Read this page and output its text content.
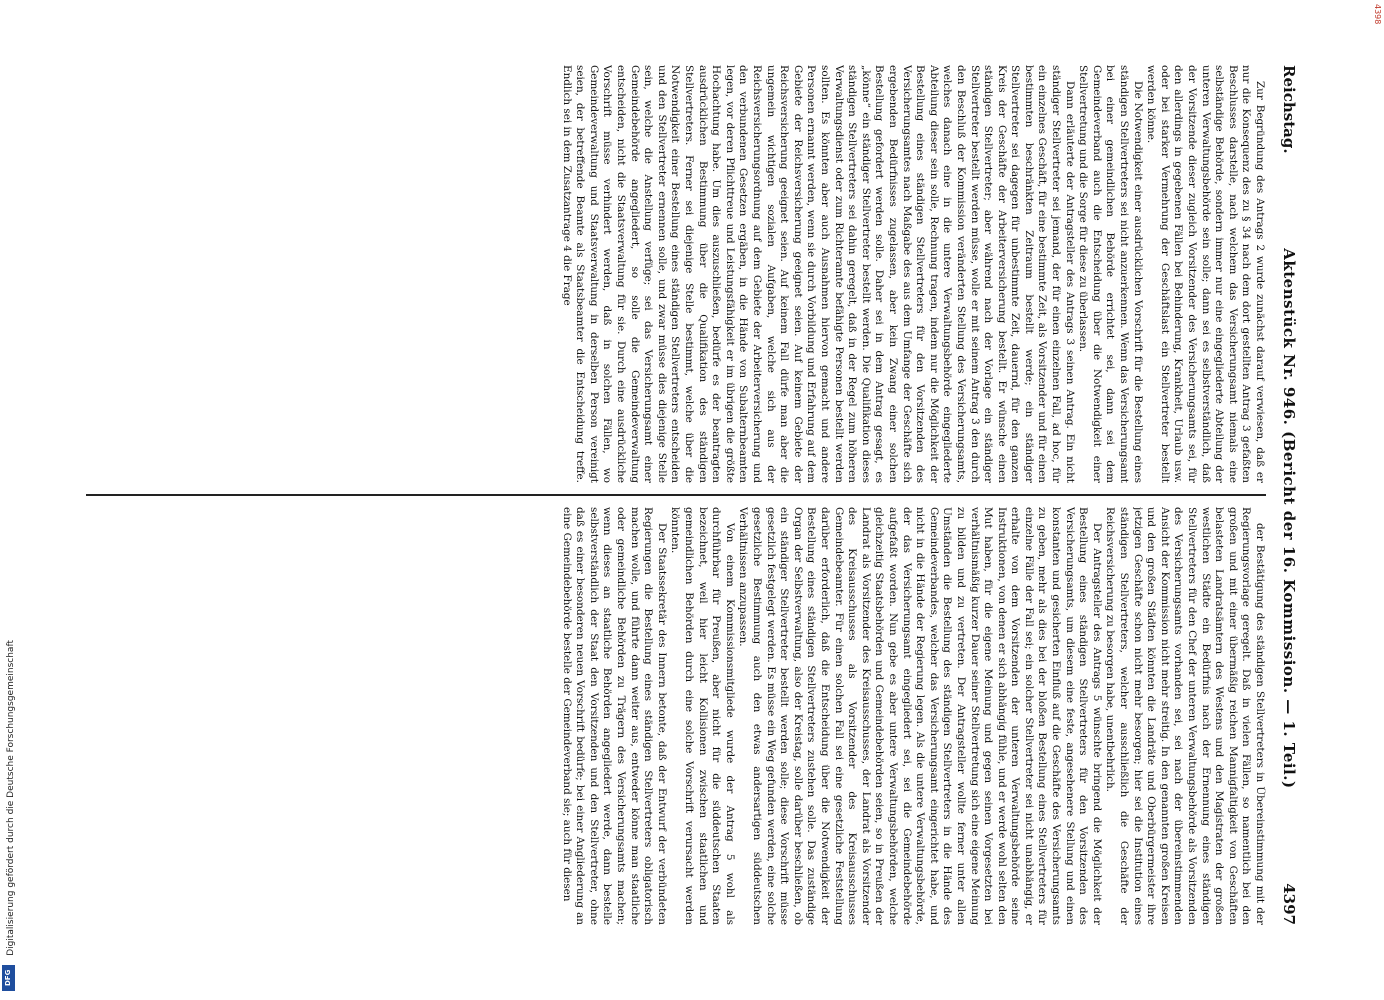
4398
Digitalisierung gefördert durch die Deutsche Forschungsgemeinschaft
DFG
Reichstag.
Aktenstück Nr. 946. (Bericht der 16. Kommission. — 1. Teil.)
4397

Zur Begründung des Antrags 2 wurde zunächst darauf verwiesen, daß er nur die Konsequenz des zu § 34 nach dem dort gestellten Antrag 3 gefaßten Beschlusses darstelle, nach welchem das Versicherungsamt niemals eine selbständige Behörde, sondern immer nur eine eingegliederte Abteilung der unteren Verwaltungsbehörde sein solle; dann sei es selbstverständlich, daß der Vorsitzende dieser zugleich Vorsitzender des Versicherungsamts sei, für den allerdings in gegebenen Fällen bei Behinderung, Krankheit, Urlaub usw. oder bei starker Vermehrung der Geschäftslast ein Stellvertreter bestellt werden könne.

Die Notwendigkeit einer ausdrücklichen Vorschrift für die Bestellung eines ständigen Stellvertreters sei nicht anzuerkennen. Wenn das Versicherungsamt bei einer gemeindlichen Behörde errichtet sei, dann sei dem Gemeindeverband auch die Entscheidung über die Notwendigkeit einer Stellvertretung und die Sorge für diese zu überlassen.

Dann erläuterte der Antragsteller des Antrags 3 seinen Antrag. Ein nicht ständiger Stellvertreter sei jemand, der für einen einzelnen Fall, ad hoc, für ein einzelnes Geschäft, für eine bestimmte Zeit, als Vorsitzender und für einen bestimmten beschränkten Zeitraum bestellt werde; ein ständiger Stellvertreter sei dagegen für unbestimmte Zeit, dauernd, für den ganzen Kreis der Geschäfte der Arbeiterversicherung bestellt. Er wünsche einen ständigen Stellvertreter; aber während nach der Vorlage ein ständiger Stellvertreter bestellt werden müsse, wolle er mit seinem Antrag 3 den durch den Beschluß der Kommission veränderten Stellung des Versicherungsamts, welches danach eine in die untere Verwaltungsbehörde eingegliederte Abteilung dieser sein solle, Rechnung tragen, indem nur die Möglichkeit der Bestellung eines ständigen Stellvertreters für den Vorsitzenden des Versicherungsamtes nach Maßgabe des aus dem Umfange der Geschäfte sich ergebenden Bedürfnisses zugelassen, aber kein Zwang einer solchen Bestellung gefordert werden solle. Daher sei in dem Antrag gesagt, es „könne“ ein ständiger Stellvertreter bestellt werden. Die Qualifikation dieses ständigen Stellvertreters sei dahin geregelt, daß in der Regel zum höheren Verwaltungsdienst oder zum Richteramte befähigte Personen bestellt werden sollten. Es könnten aber auch Ausnahmen hiervon gemacht und andere Personen ernannt werden, wenn sie durch Vorbildung und Erfahrung auf dem Gebiete der Reichsversicherung geeignet seien. Auf keinem Gebiete der Reichsversicherung geeignet seien. Auf keinem Fall dürfe man aber die ungemein wichtigen sozialen Aufgaben, welche sich aus der Reichsversicherungsordnung auf dem Gebiete der Arbeiterversicherung und den verbundenen Gesetzen ergäben, in die Hände von Subalternbeamten legen, vor deren Pflichttreue und Leistungsfähigkeit er im übrigen die größte Hochachtung habe. Um dies auszuschließen, bedürfe es der beantragten ausdrücklichen Bestimmung über die Qualifikation des ständigen Stellvertreters. Ferner sei diejenige Stelle bestimmt, welche über die Notwendigkeit einer Bestellung eines ständigen Stellvertreters entscheiden und den Stellvertreter ernennen solle, und zwar müsse dies diejenige Stelle sein, welche die Anstellung verfüge; sei das Versicherungsamt einer Gemeindebehörde angegliedert, so solle die Gemeindeverwaltung entscheiden, nicht die Staatsverwaltung für sie. Durch eine ausdrückliche Vorschrift müsse verhindert werden, daß in solchen Fällen, wo Gemeindeverwaltung und Staatsverwaltung in derselben Person vereinigt seien, der betreffende Beamte als Staatsbeamter die Entscheidung treffe. Endlich sei in dem Zusatzantrage 4 die Frage

der Bestätigung des ständigen Stellvertreters in Übereinstimmung mit der Regierungsvorlage geregelt. Daß in vielen Fällen, so namentlich bei den großen und mit einer übermäßig reichen Mannigfaltigkeit von Geschäften belasteten Landratsämtern des Westens und den Magistraten der großen westlichen Städte ein Bedürfnis nach der Ernennung eines ständigen Stellvertreters für den Chef der unteren Verwaltungsbehörde als Vorsitzenden des Versicherungsamts vorhanden sei, sei nach der übereinstimmenden Ansicht der Kommission nicht mehr streitig. In den genannten großen Kreisen und den großen Städten könnten die Landräte und Oberbürgermeister ihre jetzigen Geschäfte schon nicht mehr besorgen; hier sei die Institution eines ständigen Stellvertreters, welcher ausschließlich die Geschäfte der Reichsversicherung zu besorgen habe, unentbehrlich.

Der Antragsteller des Antrags 5 wünschte bringend die Möglichkeit der Bestellung eines ständigen Stellvertreters für den Vorsitzenden des Versicherungsamts, um diesem eine feste, angesehenere Stellung und einen konstanten und gesicherten Einfluß auf die Geschäfte des Versicherungsamts zu geben, mehr als dies bei der bloßen Bestellung eines Stellvertreters für einzelne Fälle der Fall sei; ein solcher Stellvertreter sei nicht unabhängig, er erhalte von dem Vorsitzenden der unteren Verwaltungsbehörde seine Instruktionen, von denen er sich abhängig fühle, und er werde wohl selten den Mut haben, für die eigene Meinung und gegen seinen Vorgesetzten bei verhältnismäßig kurzer Dauer seiner Stellvertretung sich eine eigene Meinung zu bilden und zu vertreten. Der Antragsteller wollte ferner unter allen Umständen die Bestellung des ständigen Stellvertreters in die Hände des Gemeindeverbandes, welcher das Versicherungsamt eingerichtet habe, und nicht in die Hände der Regierung legen. Als die untere Verwaltungsbehörde, der das Versicherungsamt eingegliedert sei, sei die Gemeindebehörde aufgefaßt worden. Nun gebe es aber untere Verwaltungsbehörden, welche gleichzeitig Staatsbehörden und Gemeindebehörden seien, so in Preußen der Landrat als Vorsitzender des Kreisausschusses, der Landrat als Vorsitzender des Kreisausschusses als Vorsitzender des Kreisausschusses Gemeindebeamter. Für einen solchen Fall sei eine gesetzliche Feststellung darüber erforderlich, daß die Entscheidung über die Notwendigkeit der Bestellung eines ständigen Stellvertreters zustehen solle. Das zuständige Organ der Selbstverwaltung, also der Kreistag, solle darüber beschließen, ob ein ständiger Stellvertreter bestellt werden solle; diese Vorschrift müsse gesetzlich festgelegt werden. Es müsse ein Weg gefunden werden, eine solche gesetzliche Bestimmung auch den etwas andersartigen süddeutschen Verhältnissen anzupassen.

Von einem Kommissionsmitgliede wurde der Antrag 5 wohl als durchführbar für Preußen, aber nicht für die süddeutschen Staaten bezeichnet, weil hier leicht Kollisionen zwischen staatlichen und gemeindlichen Behörden durch eine solche Vorschrift verursacht werden könnten.

Der Staatssekretär des Innern betonte, daß der Entwurf der verbündeten Regierungen die Bestellung eines ständigen Stellvertreters obligatorisch machen wolle, und führte dann weiter aus, entweder könne man staatliche oder gemeindliche Behörden zu Trägern des Versicherungsamts machen; wenn dieses an staatliche Behörden angegliedert werde, dann bestelle selbstverständlich der Staat den Vorsitzenden und den Stellvertreter, ohne daß es einer besonderen neuen Vorschrift bedürfe; bei einer Angliederung an eine Gemeindebehörde bestelle der Gemeindeverband sie; auch für diesen
